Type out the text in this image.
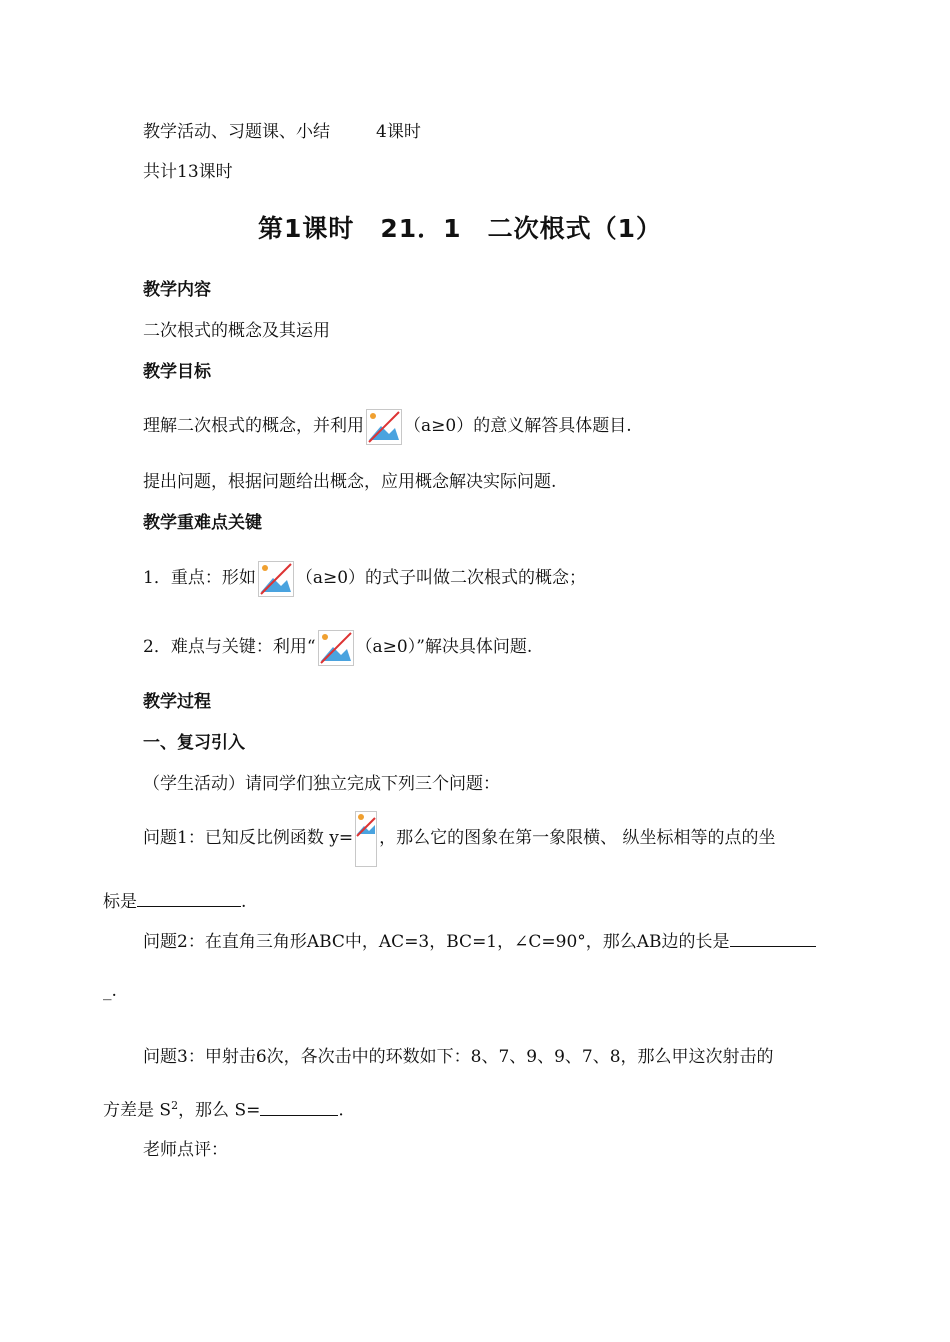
教学活动、习题课、小结	4课时
共计13课时
第1课时　21．1　二次根式（1）
教学内容
二次根式的概念及其运用
教学目标
理解二次根式的概念，并利用 （a≥0）的意义解答具体题目.
提出问题，根据问题给出概念，应用概念解决实际问题.
教学重难点关键
1．重点：形如 （a≥0）的式子叫做二次根式的概念；
2．难点与关键：利用“ （a≥0）”解决具体问题.
教学过程
一、复习引入
（学生活动）请同学们独立完成下列三个问题：
问题1：已知反比例函数 y= ，那么它的图象在第一象限横、 纵坐标相等的点的坐
标是	.
问题2：在直角三角形ABC中，AC=3，BC=1，∠C=90°，那么AB边的长是
_.
问题3：甲射击6次，各次击中的环数如下：8、7、9、9、7、8，那么甲这次射击的
方差是 $S^2$，那么 S=	.
老师点评：
